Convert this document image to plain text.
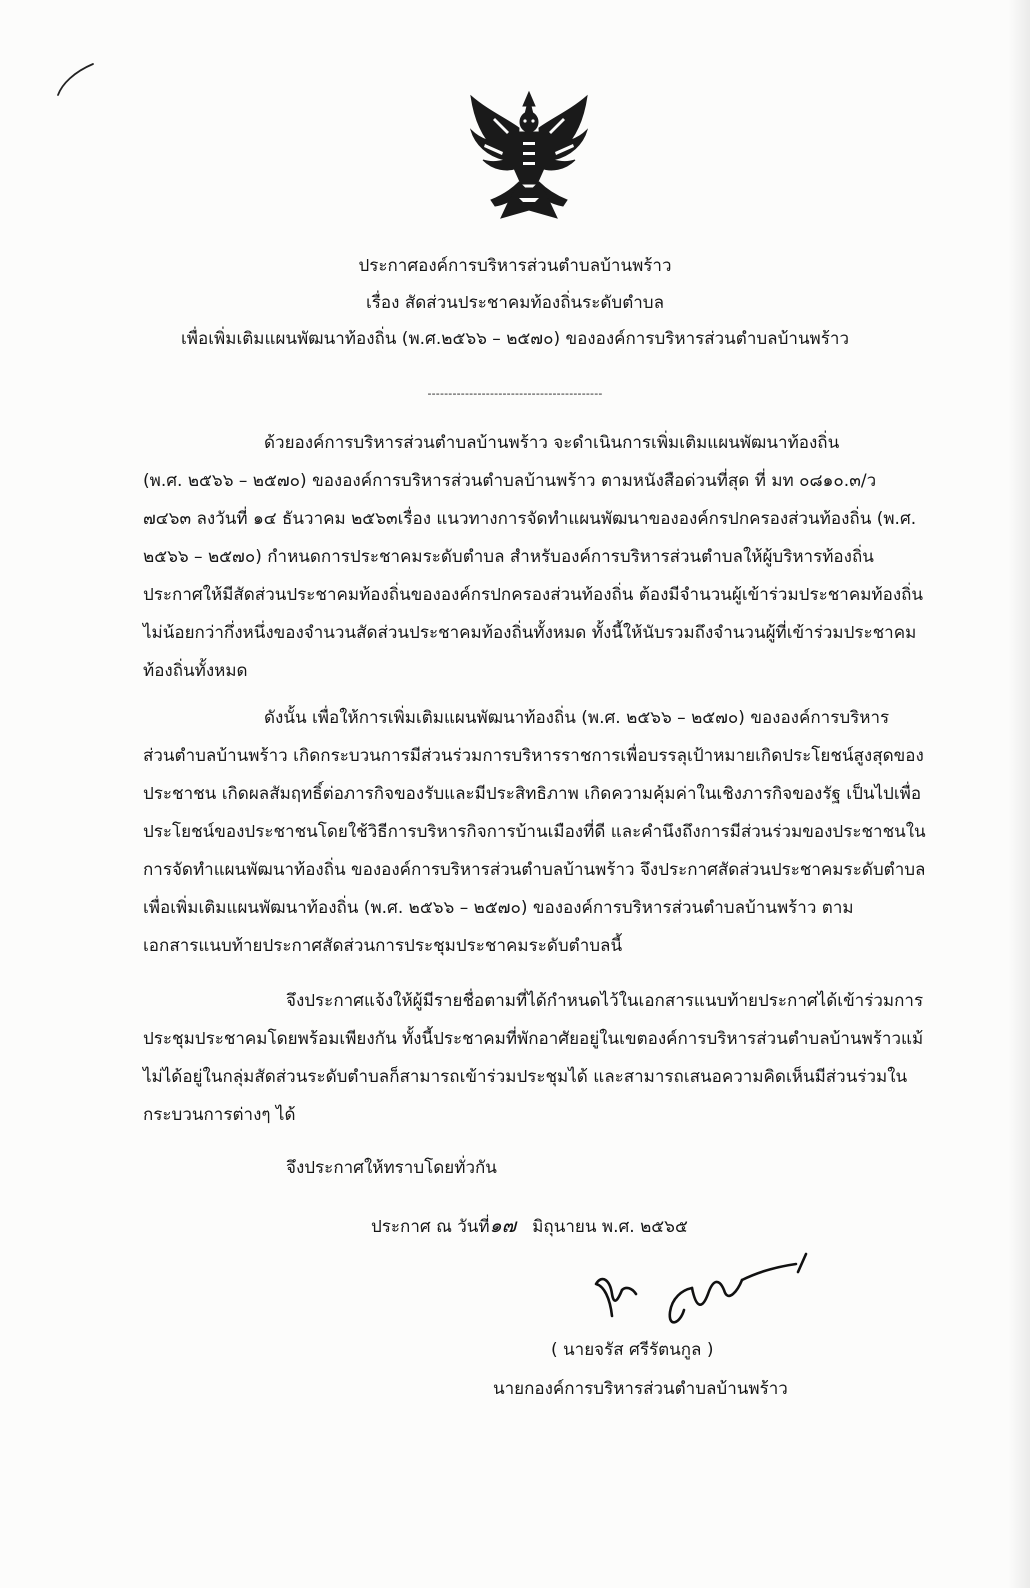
ประกาศองค์การบริหารส่วนตำบลบ้านพร้าว
เรื่อง สัดส่วนประชาคมท้องถิ่นระดับตำบล
เพื่อเพิ่มเติมแผนพัฒนาท้องถิ่น (พ.ศ.๒๕๖๖ – ๒๕๗๐) ขององค์การบริหารส่วนตำบลบ้านพร้าว
------------------------------------------
ด้วยองค์การบริหารส่วนตำบลบ้านพร้าว จะดำเนินการเพิ่มเติมแผนพัฒนาท้องถิ่น
(พ.ศ. ๒๕๖๖ – ๒๕๗๐) ขององค์การบริหารส่วนตำบลบ้านพร้าว ตามหนังสือด่วนที่สุด ที่ มท ๐๘๑๐.๓/ว
๗๔๖๓ ลงวันที่ ๑๔ ธันวาคม ๒๕๖๓เรื่อง แนวทางการจัดทำแผนพัฒนาขององค์กรปกครองส่วนท้องถิ่น (พ.ศ.
๒๕๖๖ – ๒๕๗๐) กำหนดการประชาคมระดับตำบล สำหรับองค์การบริหารส่วนตำบลให้ผู้บริหารท้องถิ่น
ประกาศให้มีสัดส่วนประชาคมท้องถิ่นขององค์กรปกครองส่วนท้องถิ่น ต้องมีจำนวนผู้เข้าร่วมประชาคมท้องถิ่น
ไม่น้อยกว่ากึ่งหนึ่งของจำนวนสัดส่วนประชาคมท้องถิ่นทั้งหมด ทั้งนี้ให้นับรวมถึงจำนวนผู้ที่เข้าร่วมประชาคม
ท้องถิ่นทั้งหมด
ดังนั้น เพื่อให้การเพิ่มเติมแผนพัฒนาท้องถิ่น (พ.ศ. ๒๕๖๖ – ๒๕๗๐) ขององค์การบริหาร
ส่วนตำบลบ้านพร้าว เกิดกระบวนการมีส่วนร่วมการบริหารราชการเพื่อบรรลุเป้าหมายเกิดประโยชน์สูงสุดของ
ประชาชน เกิดผลสัมฤทธิ์ต่อภารกิจของรับและมีประสิทธิภาพ เกิดความคุ้มค่าในเชิงภารกิจของรัฐ เป็นไปเพื่อ
ประโยชน์ของประชาชนโดยใช้วิธีการบริหารกิจการบ้านเมืองที่ดี และคำนึงถึงการมีส่วนร่วมของประชาชนใน
การจัดทำแผนพัฒนาท้องถิ่น ขององค์การบริหารส่วนตำบลบ้านพร้าว จึงประกาศสัดส่วนประชาคมระดับตำบล
เพื่อเพิ่มเติมแผนพัฒนาท้องถิ่น (พ.ศ. ๒๕๖๖ – ๒๕๗๐) ขององค์การบริหารส่วนตำบลบ้านพร้าว ตาม
เอกสารแนบท้ายประกาศสัดส่วนการประชุมประชาคมระดับตำบลนี้
จึงประกาศแจ้งให้ผู้มีรายชื่อตามที่ได้กำหนดไว้ในเอกสารแนบท้ายประกาศได้เข้าร่วมการ
ประชุมประชาคมโดยพร้อมเพียงกัน ทั้งนี้ประชาคมที่พักอาศัยอยู่ในเขตองค์การบริหารส่วนตำบลบ้านพร้าวแม้
ไม่ได้อยู่ในกลุ่มสัดส่วนระดับตำบลก็สามารถเข้าร่วมประชุมได้ และสามารถเสนอความคิดเห็นมีส่วนร่วมใน
กระบวนการต่างๆ ได้
จึงประกาศให้ทราบโดยทั่วกัน
ประกาศ ณ วันที่๑๗ มิถุนายน พ.ศ. ๒๕๖๕
( นายจรัส ศรีรัตนกูล )
นายกองค์การบริหารส่วนตำบลบ้านพร้าว
